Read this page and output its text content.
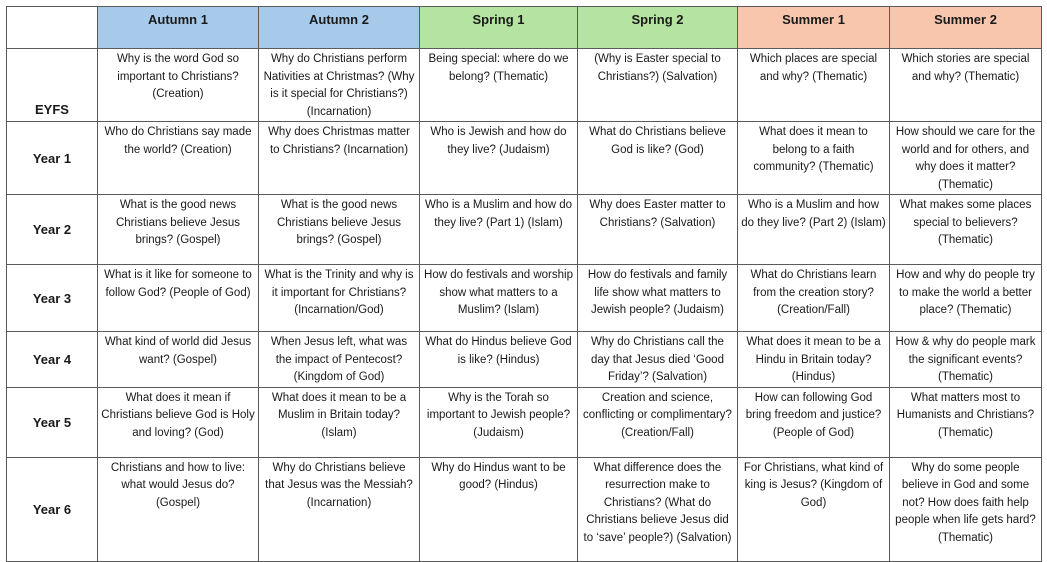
	Autumn 1	Autumn 2	Spring 1	Spring 2	Summer 1	Summer 2
EYFS	Why is the word God so important to Christians? (Creation)	Why do Christians perform Nativities at Christmas? (Why is it special for Christians?) (Incarnation)	Being special: where do we belong? (Thematic)	(Why is Easter special to Christians?) (Salvation)	Which places are special and why? (Thematic)	Which stories are special and why? (Thematic)
Year 1	Who do Christians say made the world? (Creation)	Why does Christmas matter to Christians? (Incarnation)	Who is Jewish and how do they live? (Judaism)	What do Christians believe God is like? (God)	What does it mean to belong to a faith community? (Thematic)	How should we care for the world and for others, and why does it matter? (Thematic)
Year 2	What is the good news Christians believe Jesus brings? (Gospel)	What is the good news Christians believe Jesus brings? (Gospel)	Who is a Muslim and how do they live? (Part 1) (Islam)	Why does Easter matter to Christians? (Salvation)	Who is a Muslim and how do they live? (Part 2) (Islam)	What makes some places special to believers? (Thematic)
Year 3	What is it like for someone to follow God? (People of God)	What is the Trinity and why is it important for Christians? (Incarnation/God)	How do festivals and worship show what matters to a Muslim? (Islam)	How do festivals and family life show what matters to Jewish people? (Judaism)	What do Christians learn from the creation story? (Creation/Fall)	How and why do people try to make the world a better place? (Thematic)
Year 4	What kind of world did Jesus want? (Gospel)	When Jesus left, what was the impact of Pentecost? (Kingdom of God)	What do Hindus believe God is like? (Hindus)	Why do Christians call the day that Jesus died ‘Good Friday’? (Salvation)	What does it mean to be a Hindu in Britain today? (Hindus)	How & why do people mark the significant events? (Thematic)
Year 5	What does it mean if Christians believe God is Holy and loving? (God)	What does it mean to be a Muslim in Britain today? (Islam)	Why is the Torah so important to Jewish people? (Judaism)	Creation and science, conflicting or complimentary? (Creation/Fall)	How can following God bring freedom and justice? (People of God)	What matters most to Humanists and Christians? (Thematic)
Year 6	Christians and how to live: what would Jesus do? (Gospel)	Why do Christians believe that Jesus was the Messiah? (Incarnation)	Why do Hindus want to be good? (Hindus)	What difference does the resurrection make to Christians? (What do Christians believe Jesus did to ‘save’ people?) (Salvation)	For Christians, what kind of king is Jesus? (Kingdom of God)	Why do some people believe in God and some not? How does faith help people when life gets hard? (Thematic)
